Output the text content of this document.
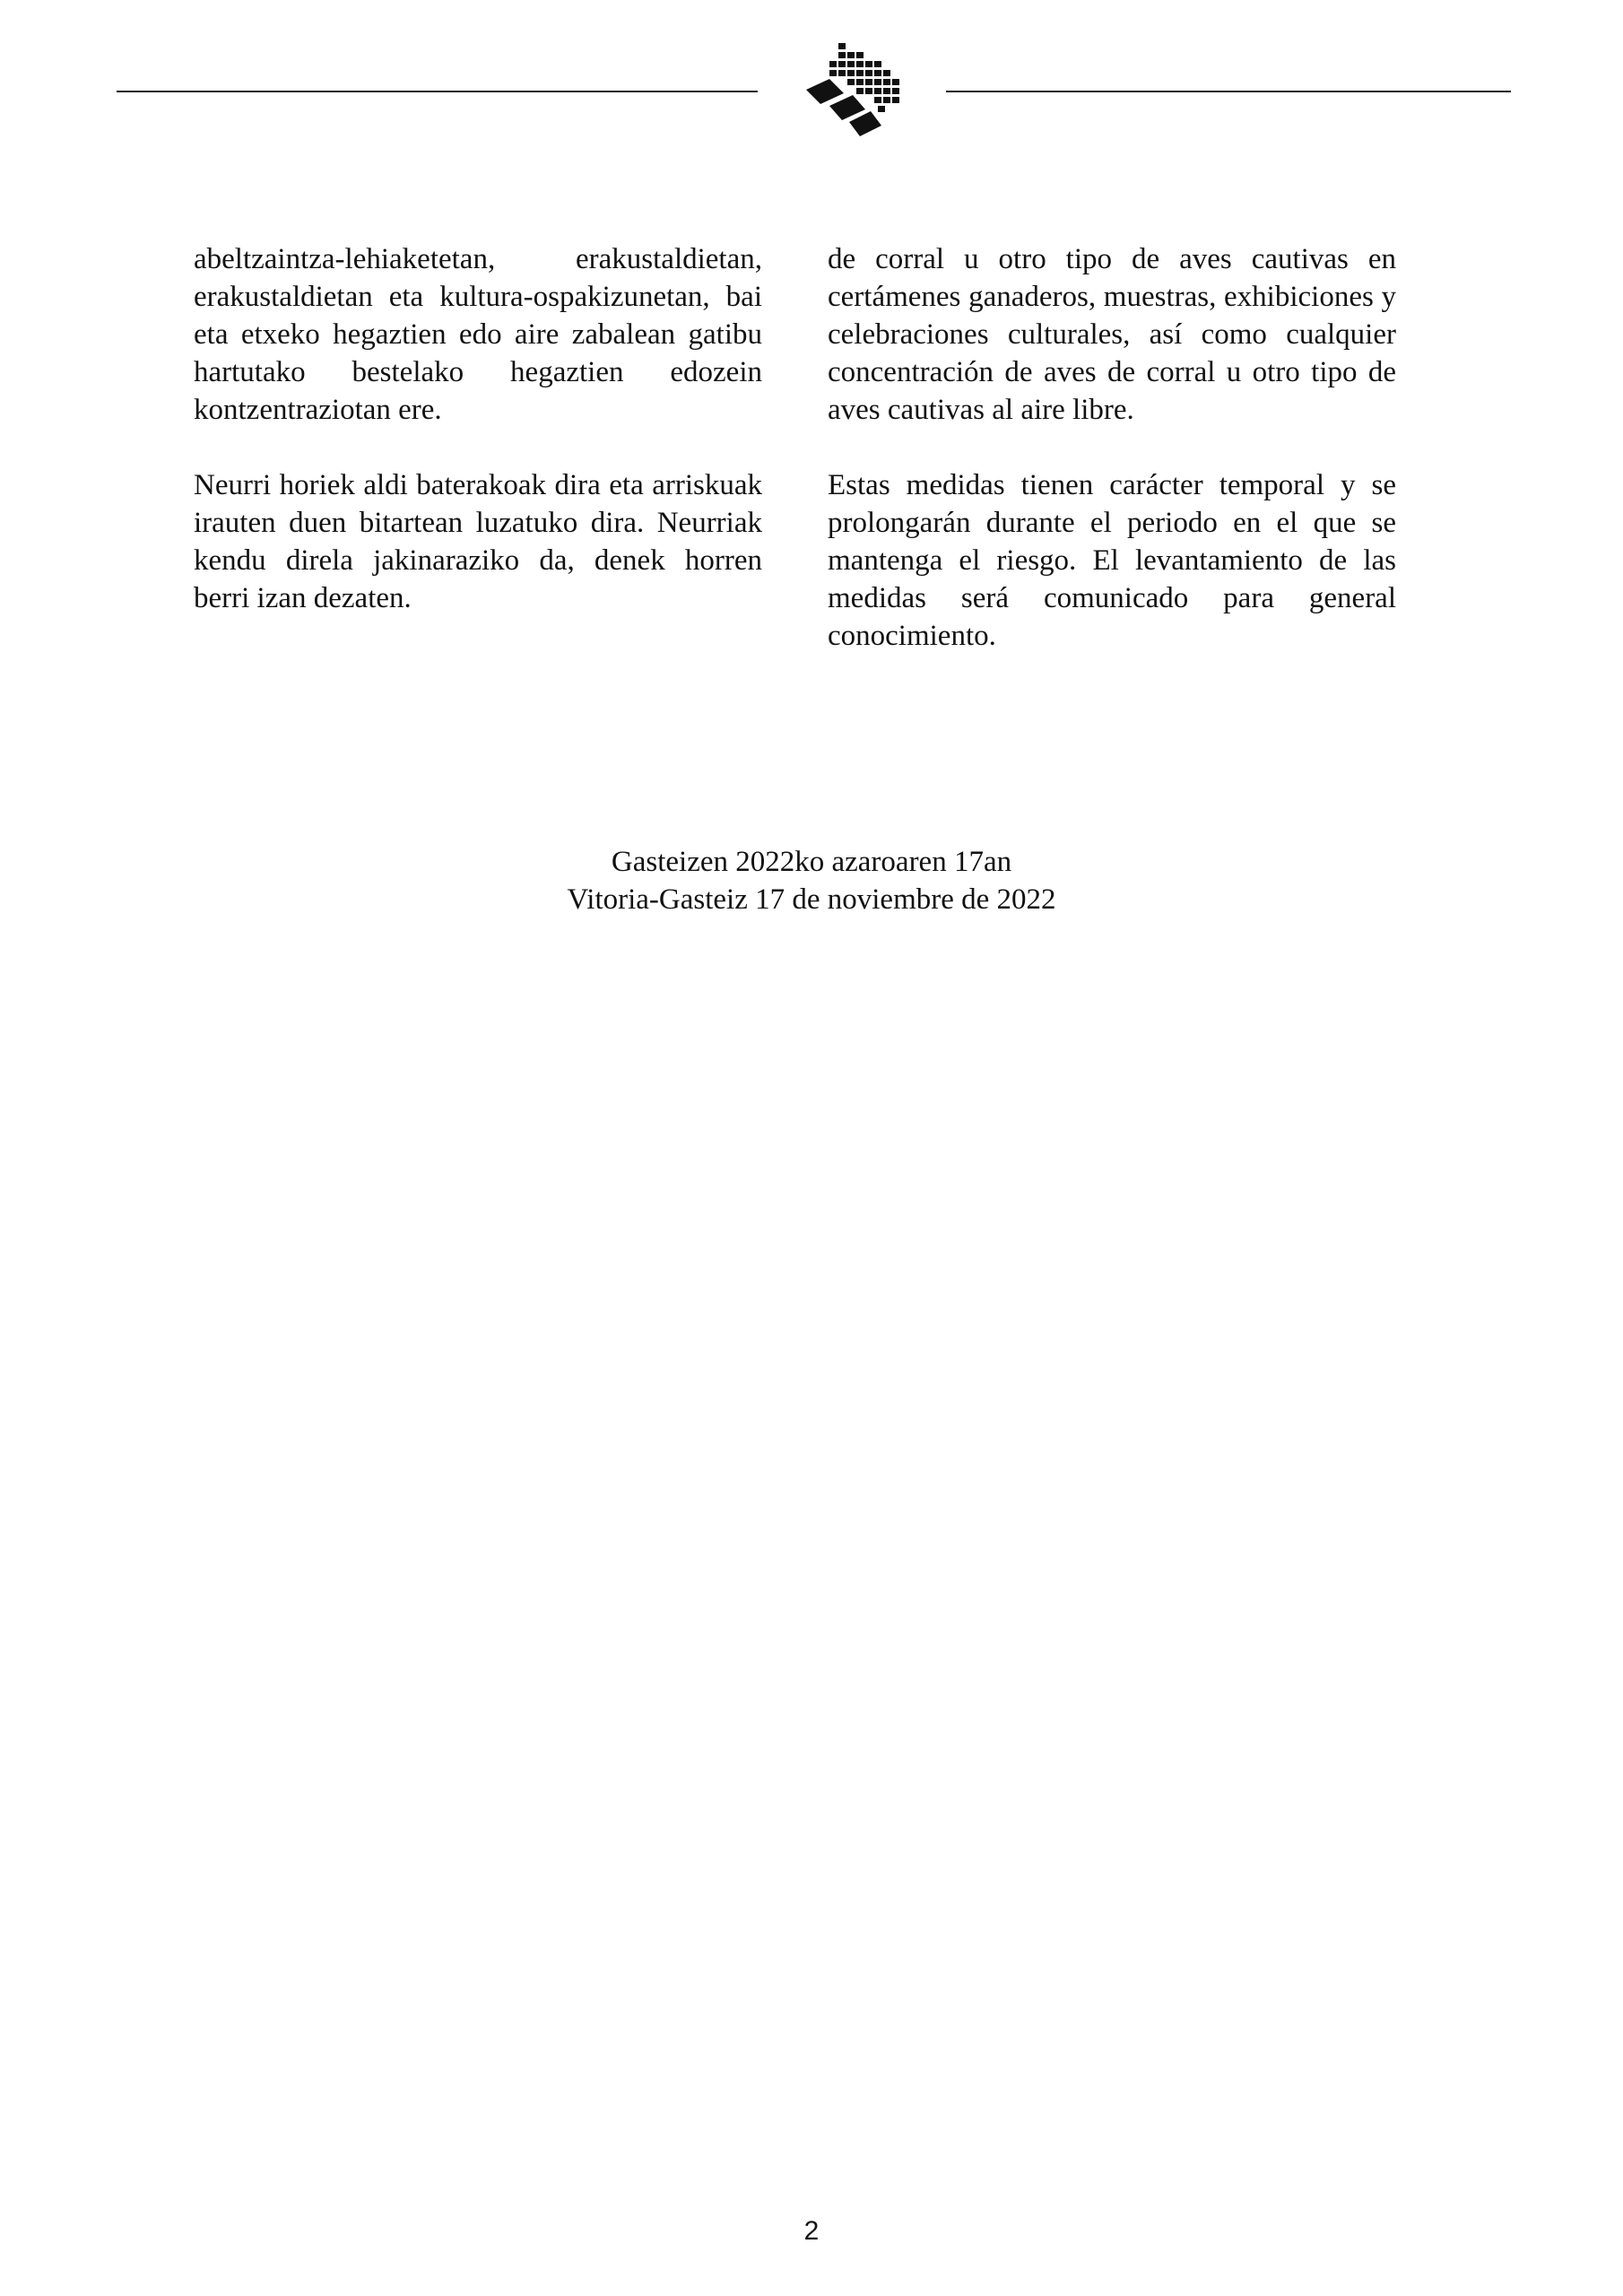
abeltzaintza-lehiaketetan, erakustaldietan, erakustaldietan eta kultura-ospakizunetan, bai eta etxeko hegaztien edo aire zabalean gatibu hartutako bestelako hegaztien edozein kontzentraziotan ere.

Neurri horiek aldi baterakoak dira eta arriskuak irauten duen bitartean luzatuko dira. Neurriak kendu direla jakinaraziko da, denek horren berri izan dezaten.

de corral u otro tipo de aves cautivas en certámenes ganaderos, muestras, exhibiciones y celebraciones culturales, así como cualquier concentración de aves de corral u otro tipo de aves cautivas al aire libre.

Estas medidas tienen carácter temporal y se prolongarán durante el periodo en el que se mantenga el riesgo. El levantamiento de las medidas será comunicado para general conocimiento.

Gasteizen 2022ko azaroaren 17an
Vitoria-Gasteiz 17 de noviembre de 2022
2
